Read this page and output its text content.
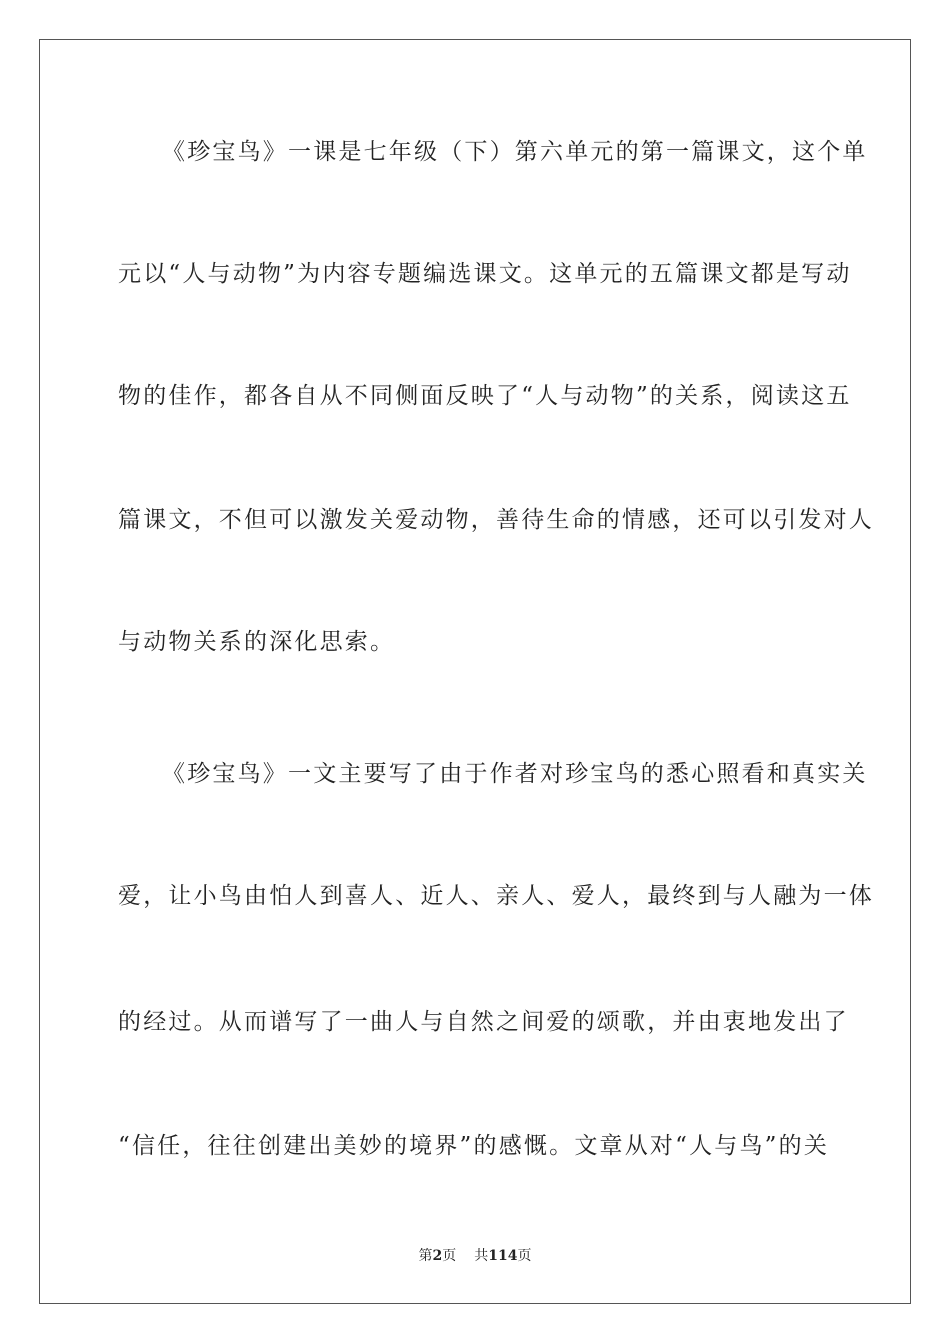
《珍宝鸟》一课是七年级（下）第六单元的第一篇课文，这个单
元以“人与动物”为内容专题编选课文。这单元的五篇课文都是写动
物的佳作，都各自从不同侧面反映了“人与动物”的关系，阅读这五
篇课文，不但可以激发关爱动物，善待生命的情感，还可以引发对人
与动物关系的深化思索。
《珍宝鸟》一文主要写了由于作者对珍宝鸟的悉心照看和真实关
爱，让小鸟由怕人到喜人、近人、亲人、爱人，最终到与人融为一体
的经过。从而谱写了一曲人与自然之间爱的颂歌，并由衷地发出了
“信任，往往创建出美妙的境界”的感慨。文章从对“人与鸟”的关
第2页 共114页
